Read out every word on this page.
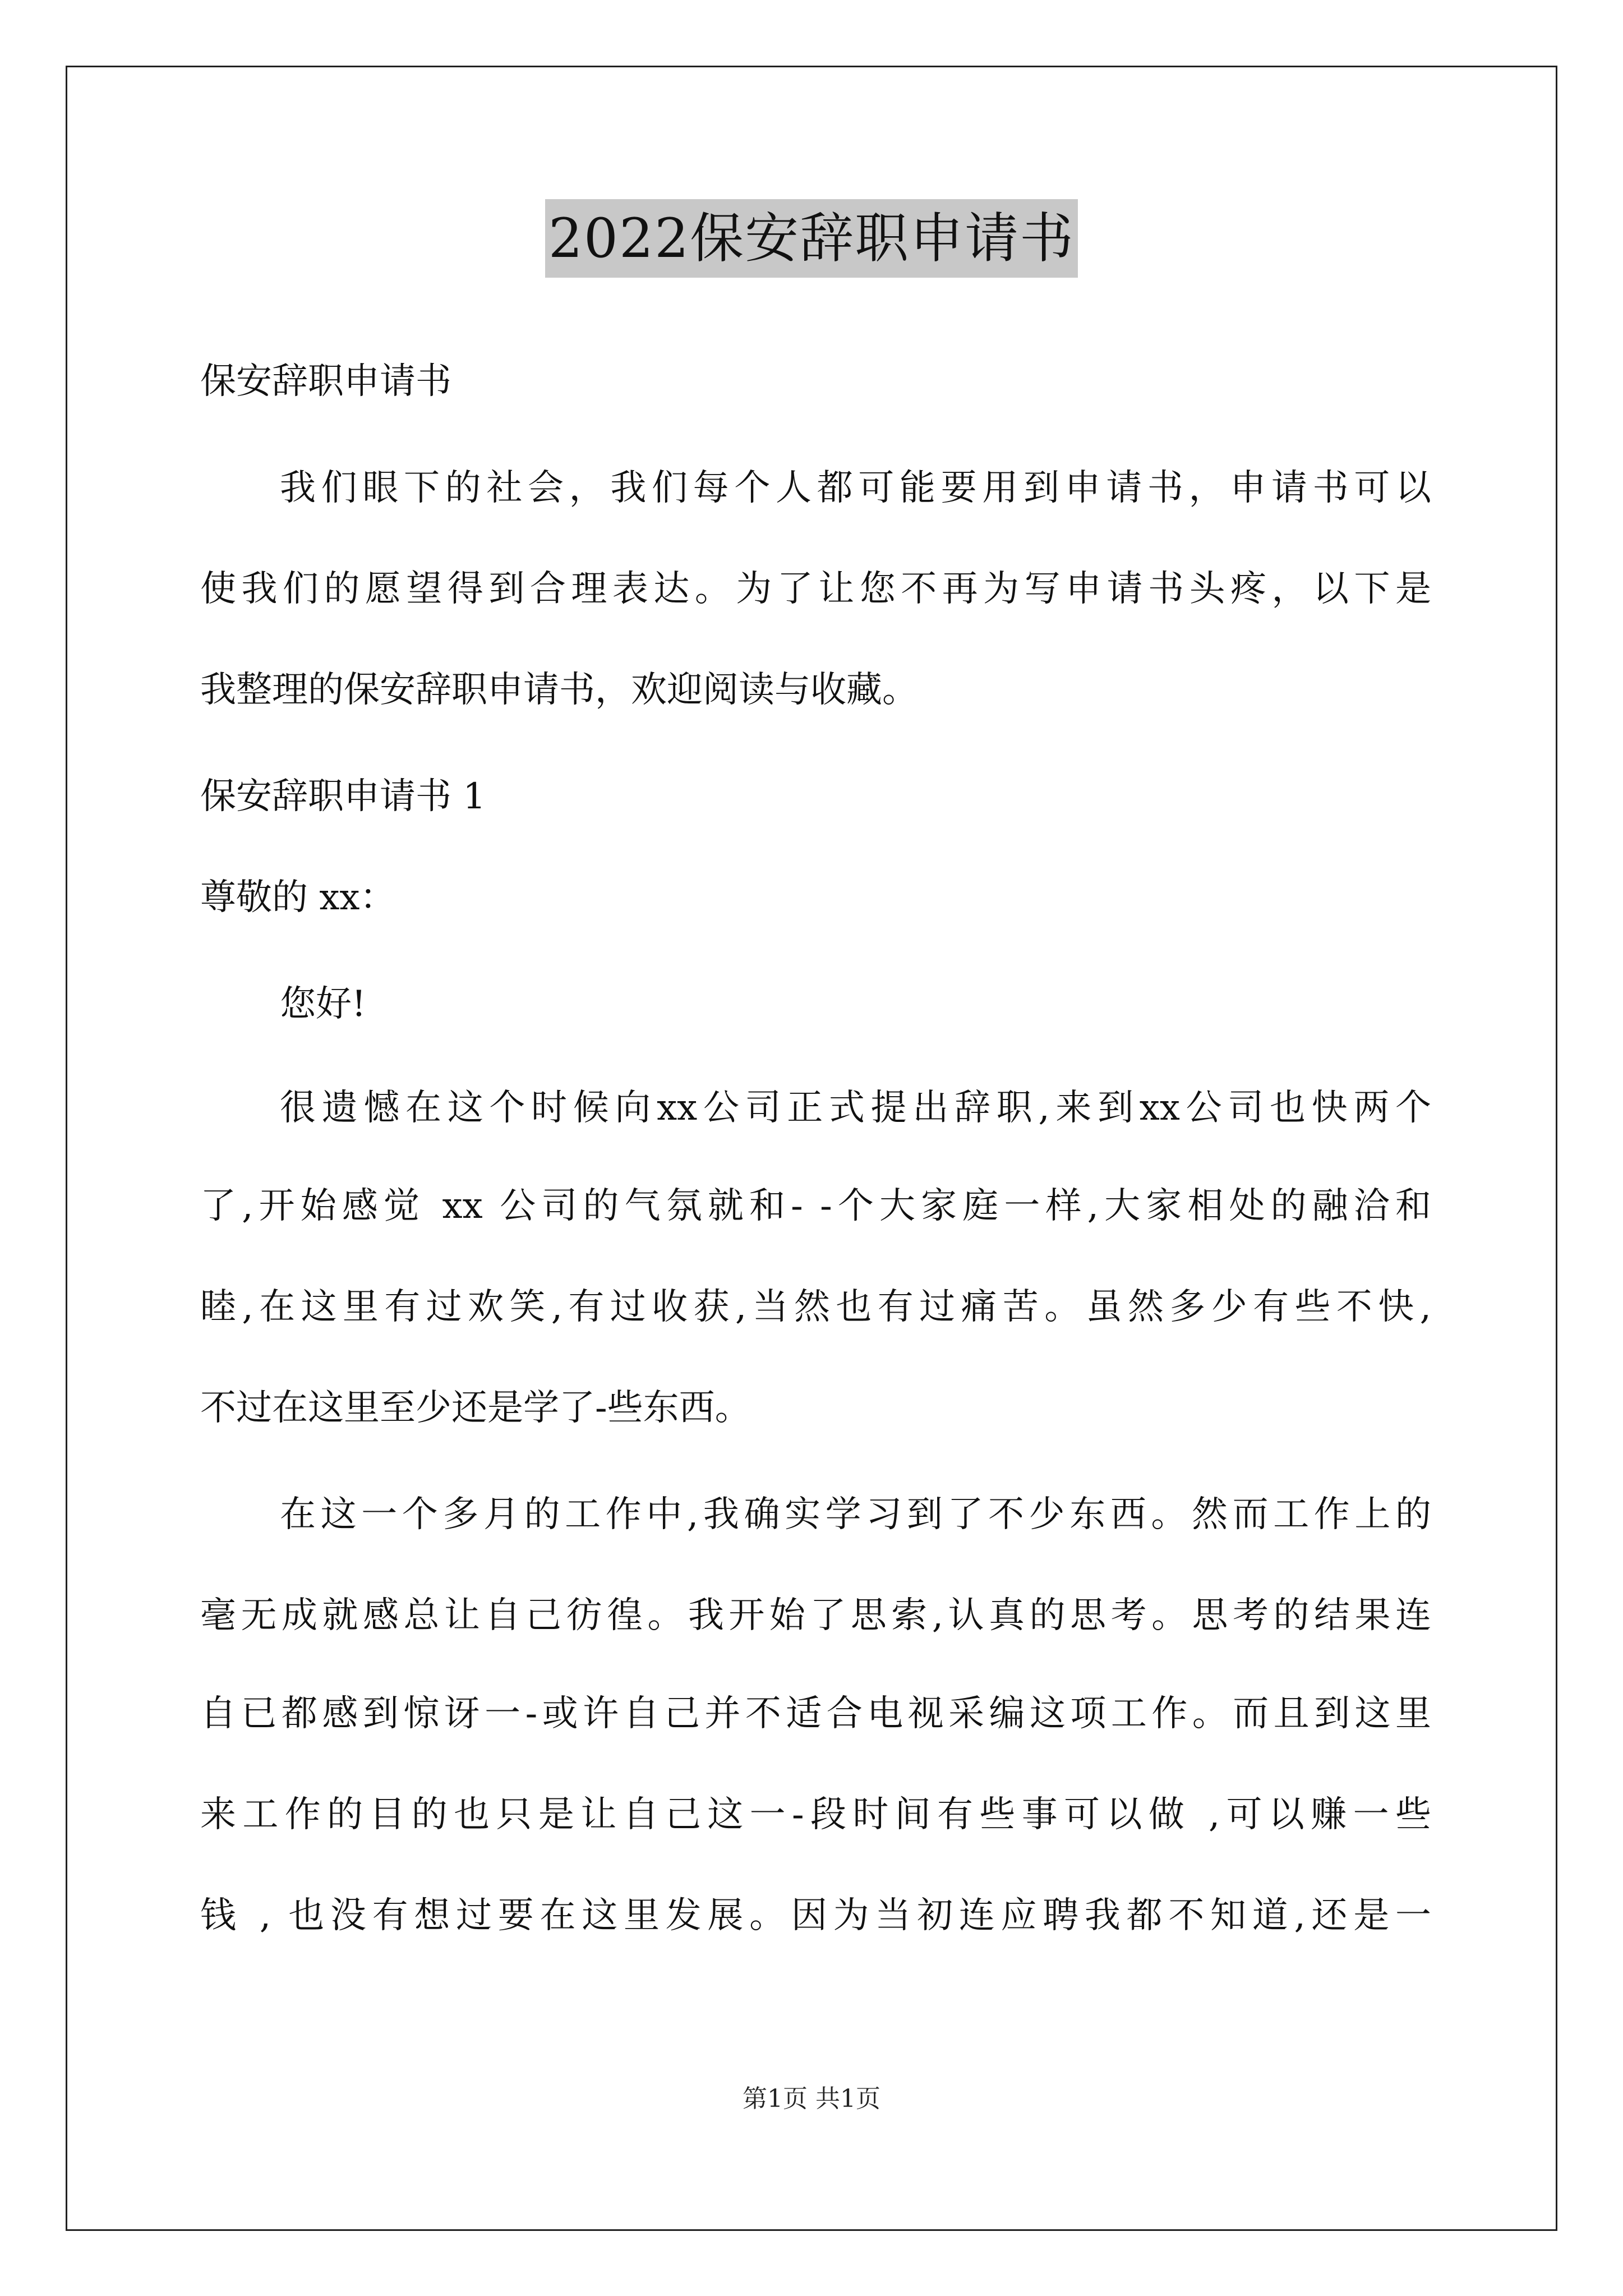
2022保安辞职申请书
保安辞职申请书
我们眼下的社会，我们每个人都可能要用到申请书，申请书可以
使我们的愿望得到合理表达。为了让您不再为写申请书头疼，以下是
我整理的保安辞职申请书，欢迎阅读与收藏。
保安辞职申请书 1
尊敬的 xx：
您好!
很遗憾在这个时候向xx公司正式提出辞职,来到xx公司也快两个
了,开始感觉 xx 公司的气氛就和- -个大家庭一样,大家相处的融洽和
睦,在这里有过欢笑,有过收获,当然也有过痛苦。虽然多少有些不快,
不过在这里至少还是学了-些东西。
在这一个多月的工作中,我确实学习到了不少东西。然而工作上的
毫无成就感总让自己彷徨。我开始了思索,认真的思考。思考的结果连
自已都感到惊讶一-或许自己并不适合电视采编这项工作。而且到这里
来工作的目的也只是让自己这一-段时间有些事可以做 ,可以赚一些
钱 , 也没有想过要在这里发展。因为当初连应聘我都不知道,还是一
第1页 共1页
